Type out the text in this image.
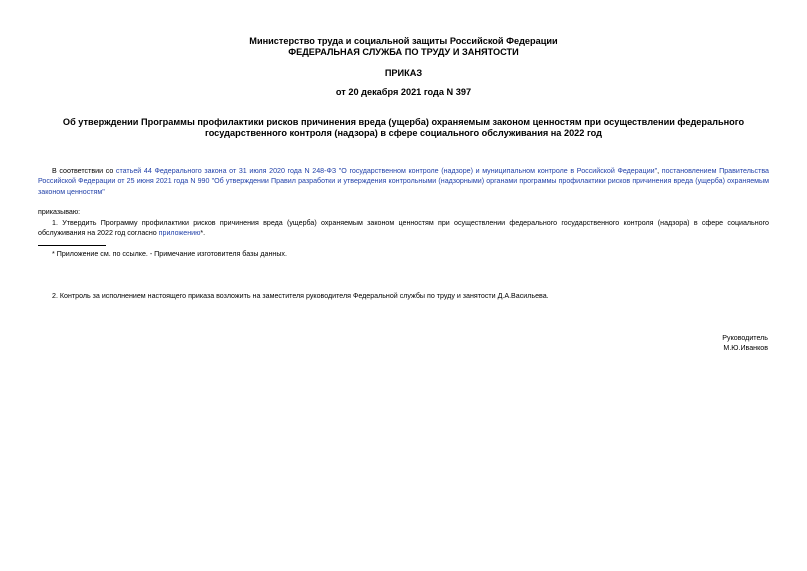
Министерство труда и социальной защиты Российской Федерации
ФЕДЕРАЛЬНАЯ СЛУЖБА ПО ТРУДУ И ЗАНЯТОСТИ
ПРИКАЗ
от 20 декабря 2021 года N 397
Об утверждении Программы профилактики рисков причинения вреда (ущерба) охраняемым законом ценностям при осуществлении федерального
государственного контроля (надзора) в сфере социального обслуживания на 2022 год
В соответствии со статьей 44 Федерального закона от 31 июля 2020 года N 248-ФЗ "О государственном контроле (надзоре) и муниципальном контроле в Российской Федерации", постановлением Правительства Российской Федерации от 25 июня 2021 года N 990 "Об утверждении Правил разработки и утверждения контрольными (надзорными) органами программы профилактики рисков причинения вреда (ущерба) охраняемым законом ценностям"
приказываю:
1. Утвердить Программу профилактики рисков причинения вреда (ущерба) охраняемым законом ценностям при осуществлении федерального государственного контроля (надзора) в сфере социального обслуживания на 2022 год согласно приложению*.
* Приложение см. по ссылке. - Примечание изготовителя базы данных.
2. Контроль за исполнением настоящего приказа возложить на заместителя руководителя Федеральной службы по труду и занятости Д.А.Васильева.
Руководитель
М.Ю.Иванков
